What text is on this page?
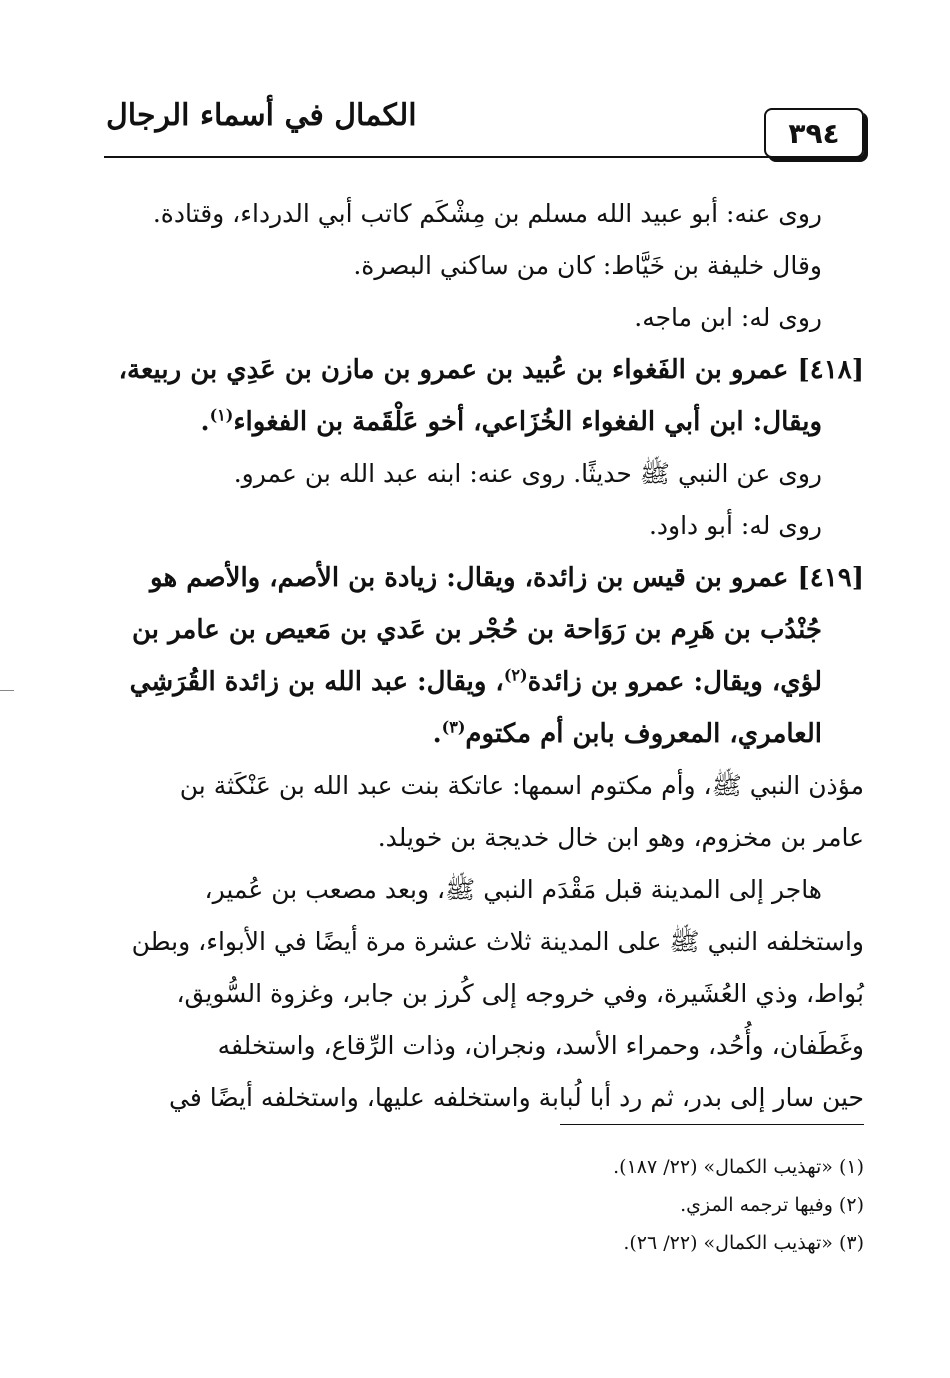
٣٩٤
الكمال في أسماء الرجال

روى عنه: أبو عبيد الله مسلم بن مِشْكَم كاتب أبي الدرداء، وقتادة.

وقال خليفة بن خَيَّاط: كان من ساكني البصرة.

روى له: ابن ماجه.

[٤١٨] عمرو بن الفَغواء بن عُبيد بن عمرو بن مازن بن عَدِي بن ربيعة،

ويقال: ابن أبي الفغواء الخُزَاعي، أخو عَلْقَمة بن الفغواء$^{(١)}$.

روى عن النبي ﷺ حديثًا. روى عنه: ابنه عبد الله بن عمرو.

روى له: أبو داود.

[٤١٩] عمرو بن قيس بن زائدة، ويقال: زيادة بن الأصم، والأصم هو

جُنْدُب بن هَرِم بن رَوَاحة بن حُجْر بن عَدي بن مَعيص بن عامر بن

لؤي، ويقال: عمرو بن زائدة$^{(٢)}$، ويقال: عبد الله بن زائدة القُرَشِي

العامري، المعروف بابن أم مكتوم$^{(٣)}$.

مؤذن النبي ﷺ، وأم مكتوم اسمها: عاتكة بنت عبد الله بن عَنْكَثة بن

عامر بن مخزوم، وهو ابن خال خديجة بن خويلد.

هاجر إلى المدينة قبل مَقْدَم النبي ﷺ، وبعد مصعب بن عُمير،

واستخلفه النبي ﷺ على المدينة ثلاث عشرة مرة أيضًا في الأبواء، وبطن

بُواط، وذي العُشَيرة، وفي خروجه إلى كُرز بن جابر، وغزوة السُّويق،

وغَطَفان، وأُحُد، وحمراء الأسد، ونجران، وذات الرِّقاع، واستخلفه

حين سار إلى بدر، ثم رد أبا لُبابة واستخلفه عليها، واستخلفه أيضًا في

(١) «تهذيب الكمال» (٢٢/ ١٨٧).

(٢) وفيها ترجمه المزي.

(٣) «تهذيب الكمال» (٢٢/ ٢٦).
